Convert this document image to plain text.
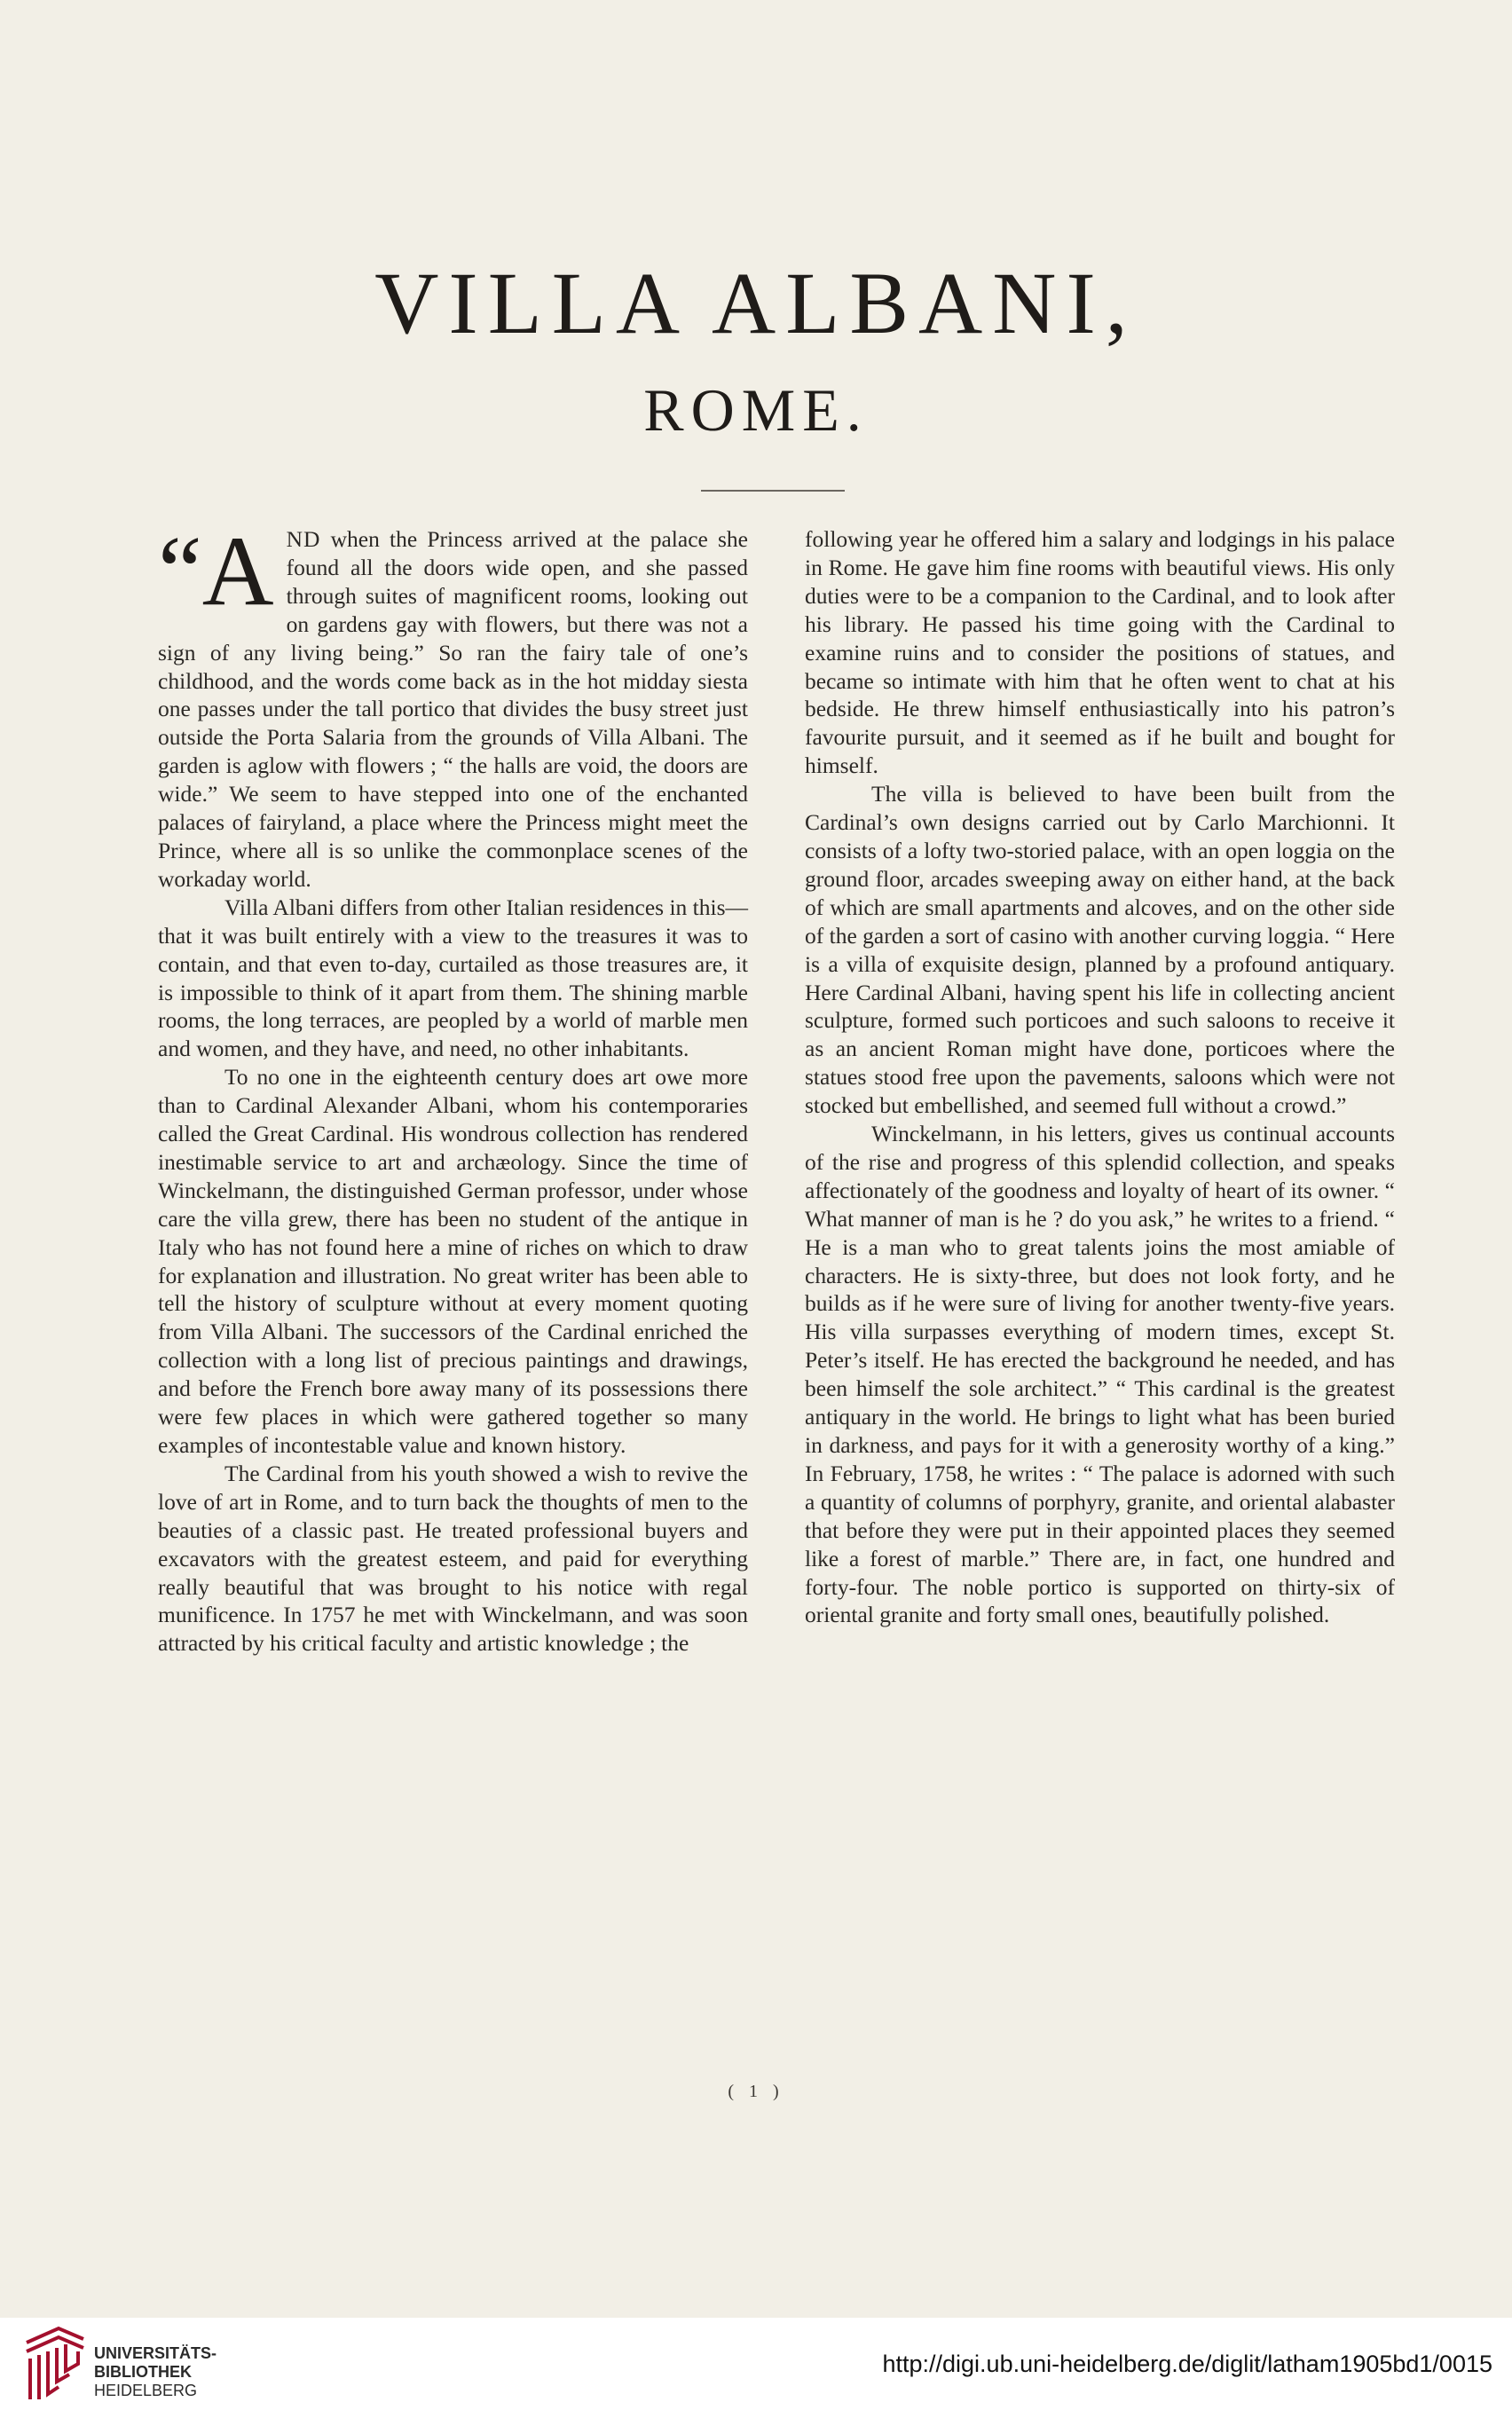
VILLA ALBANI,
ROME.

“A ND when the Princess arrived at the palace she found all the doors wide open, and she passed through suites of magnificent rooms, looking out on gardens gay with flowers, but there was not a sign of any living being.” So ran the fairy tale of one’s childhood, and the words come back as in the hot midday siesta one passes under the tall portico that divides the busy street just outside the Porta Salaria from the grounds of Villa Albani. The garden is aglow with flowers ; “ the halls are void, the doors are wide.” We seem to have stepped into one of the enchanted palaces of fairyland, a place where the Princess might meet the Prince, where all is so unlike the commonplace scenes of the workaday world.

Villa Albani differs from other Italian residences in this—that it was built entirely with a view to the treasures it was to contain, and that even to-day, curtailed as those treasures are, it is impossible to think of it apart from them. The shining marble rooms, the long terraces, are peopled by a world of marble men and women, and they have, and need, no other inhabitants.

To no one in the eighteenth century does art owe more than to Cardinal Alexander Albani, whom his contemporaries called the Great Cardinal. His wondrous collection has rendered inestimable service to art and archæology. Since the time of Winckelmann, the distinguished German professor, under whose care the villa grew, there has been no student of the antique in Italy who has not found here a mine of riches on which to draw for explanation and illustration. No great writer has been able to tell the history of sculpture without at every moment quoting from Villa Albani. The successors of the Cardinal enriched the collection with a long list of precious paintings and drawings, and before the French bore away many of its possessions there were few places in which were gathered together so many examples of incontestable value and known history.

The Cardinal from his youth showed a wish to revive the love of art in Rome, and to turn back the thoughts of men to the beauties of a classic past. He treated professional buyers and excavators with the greatest esteem, and paid for everything really beautiful that was brought to his notice with regal munificence. In 1757 he met with Winckelmann, and was soon attracted by his critical faculty and artistic knowledge ; the

following year he offered him a salary and lodgings in his palace in Rome. He gave him fine rooms with beautiful views. His only duties were to be a companion to the Cardinal, and to look after his library. He passed his time going with the Cardinal to examine ruins and to consider the positions of statues, and became so intimate with him that he often went to chat at his bedside. He threw himself enthusiastically into his patron’s favourite pursuit, and it seemed as if he built and bought for himself.

The villa is believed to have been built from the Cardinal’s own designs carried out by Carlo Marchionni. It consists of a lofty two-storied palace, with an open loggia on the ground floor, arcades sweeping away on either hand, at the back of which are small apartments and alcoves, and on the other side of the garden a sort of casino with another curving loggia. “ Here is a villa of exquisite design, planned by a profound antiquary. Here Cardinal Albani, having spent his life in collecting ancient sculpture, formed such porticoes and such saloons to receive it as an ancient Roman might have done, porticoes where the statues stood free upon the pavements, saloons which were not stocked but embellished, and seemed full without a crowd.”

Winckelmann, in his letters, gives us continual accounts of the rise and progress of this splendid collection, and speaks affectionately of the goodness and loyalty of heart of its owner. “ What manner of man is he ? do you ask,” he writes to a friend. “ He is a man who to great talents joins the most amiable of characters. He is sixty-three, but does not look forty, and he builds as if he were sure of living for another twenty-five years. His villa surpasses everything of modern times, except St. Peter’s itself. He has erected the background he needed, and has been himself the sole architect.” “ This cardinal is the greatest antiquary in the world. He brings to light what has been buried in darkness, and pays for it with a generosity worthy of a king.” In February, 1758, he writes : “ The palace is adorned with such a quantity of columns of porphyry, granite, and oriental alabaster that before they were put in their appointed places they seemed like a forest of marble.” There are, in fact, one hundred and forty-four. The noble portico is supported on thirty-six of oriental granite and forty small ones, beautifully polished.

( 1 )
UNIVERSITÄTS-
BIBLIOTHEK
HEIDELBERG
http://digi.ub.uni-heidelberg.de/diglit/latham1905bd1/0015
